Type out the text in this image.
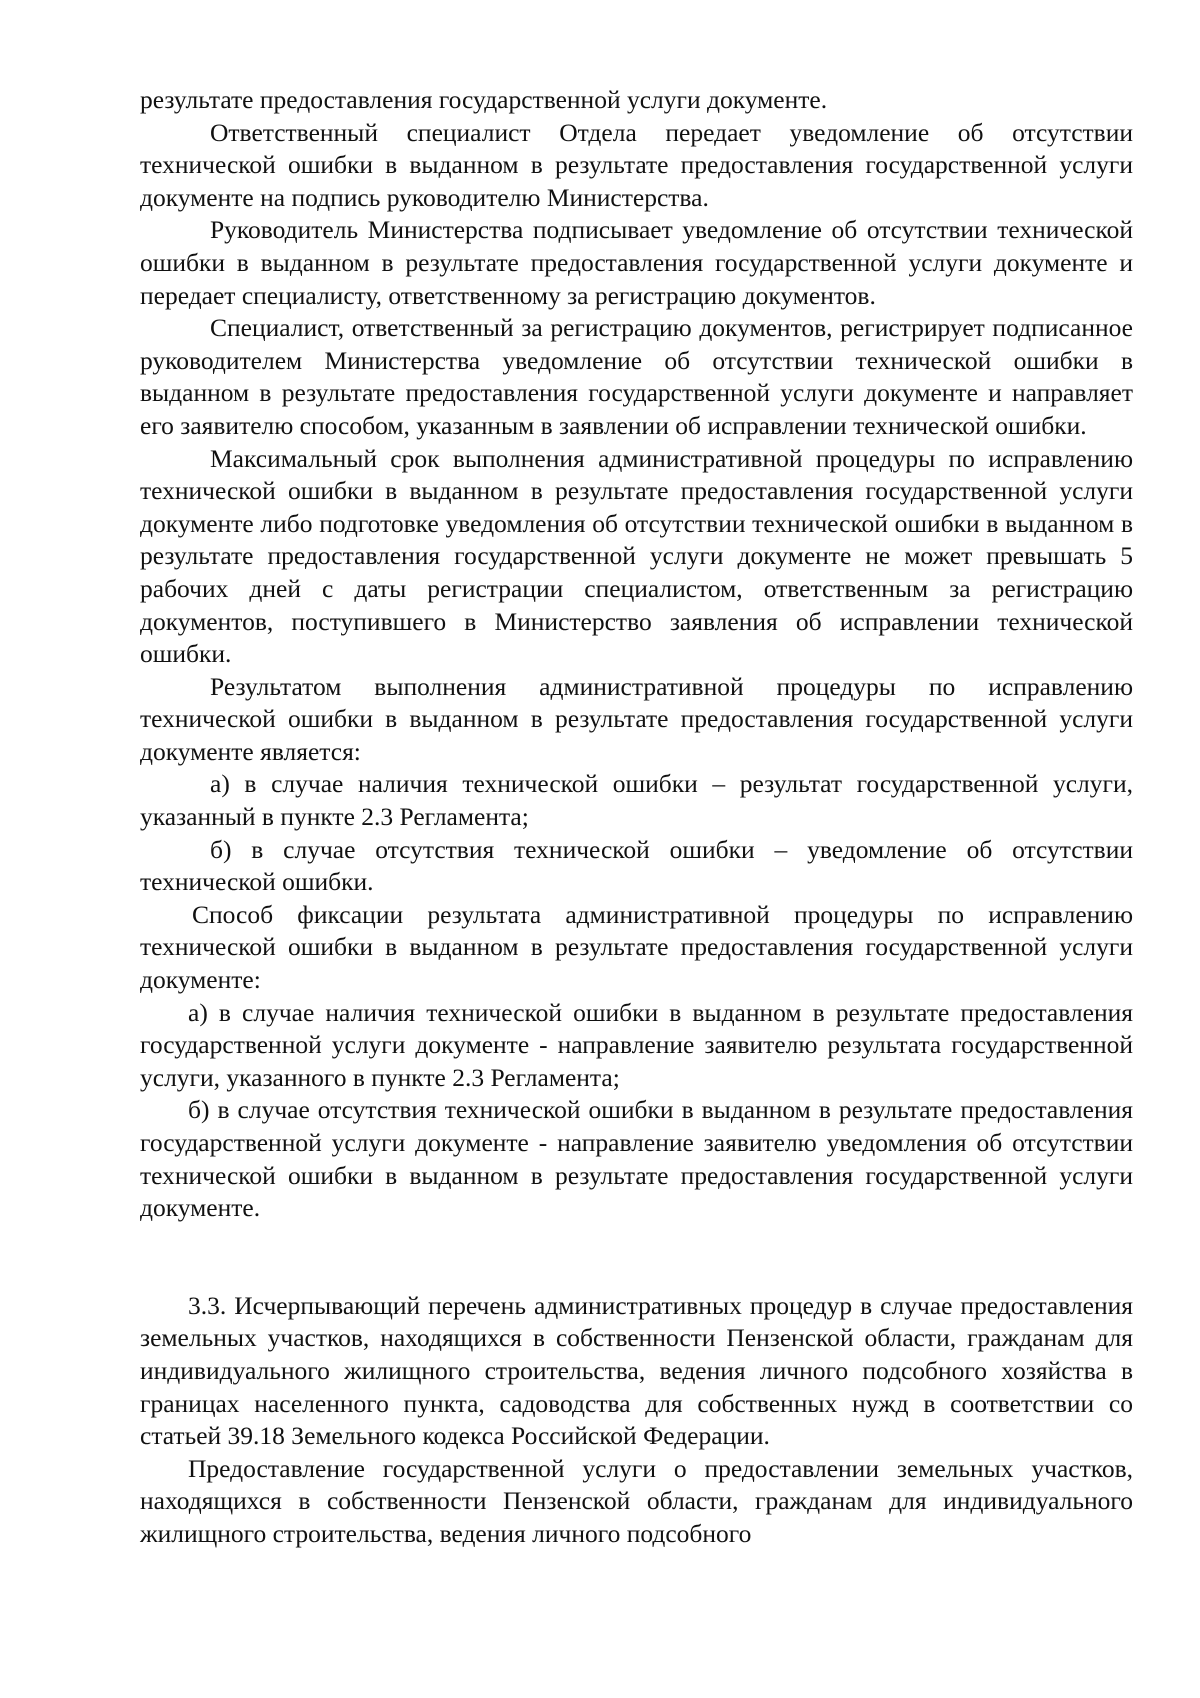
результате предоставления государственной услуги документе.

Ответственный специалист Отдела передает уведомление об отсутствии технической ошибки в выданном в результате предоставления государственной услуги документе на подпись руководителю Министерства.

Руководитель Министерства подписывает уведомление об отсутствии технической ошибки в выданном в результате предоставления государственной услуги документе и передает специалисту, ответственному за регистрацию документов.

Специалист, ответственный за регистрацию документов, регистрирует подписанное руководителем Министерства уведомление об отсутствии технической ошибки в выданном в результате предоставления государственной услуги документе и направляет его заявителю способом, указанным в заявлении об исправлении технической ошибки.

Максимальный срок выполнения административной процедуры по исправлению технической ошибки в выданном в результате предоставления государственной услуги документе либо подготовке уведомления об отсутствии технической ошибки в выданном в результате предоставления государственной услуги документе не может превышать 5 рабочих дней с даты регистрации специалистом, ответственным за регистрацию документов, поступившего в Министерство заявления об исправлении технической ошибки.

Результатом выполнения административной процедуры по исправлению технической ошибки в выданном в результате предоставления государственной услуги документе является:

а) в случае наличия технической ошибки – результат государственной услуги, указанный в пункте 2.3 Регламента;

б) в случае отсутствия технической ошибки – уведомление об отсутствии технической ошибки.

Способ фиксации результата административной процедуры по исправлению технической ошибки в выданном в результате предоставления государственной услуги документе:

а) в случае наличия технической ошибки в выданном в результате предоставления государственной услуги документе - направление заявителю результата государственной услуги, указанного в пункте 2.3 Регламента;

б) в случае отсутствия технической ошибки в выданном в результате предоставления государственной услуги документе - направление заявителю уведомления об отсутствии технической ошибки в выданном в результате предоставления государственной услуги документе.

3.3. Исчерпывающий перечень административных процедур в случае предоставления земельных участков, находящихся в собственности Пензенской области, гражданам для индивидуального жилищного строительства, ведения личного подсобного хозяйства в границах населенного пункта, садоводства для собственных нужд в соответствии со статьей 39.18 Земельного кодекса Российской Федерации.

Предоставление государственной услуги о предоставлении земельных участков, находящихся в собственности Пензенской области, гражданам для индивидуального жилищного строительства, ведения личного подсобного
